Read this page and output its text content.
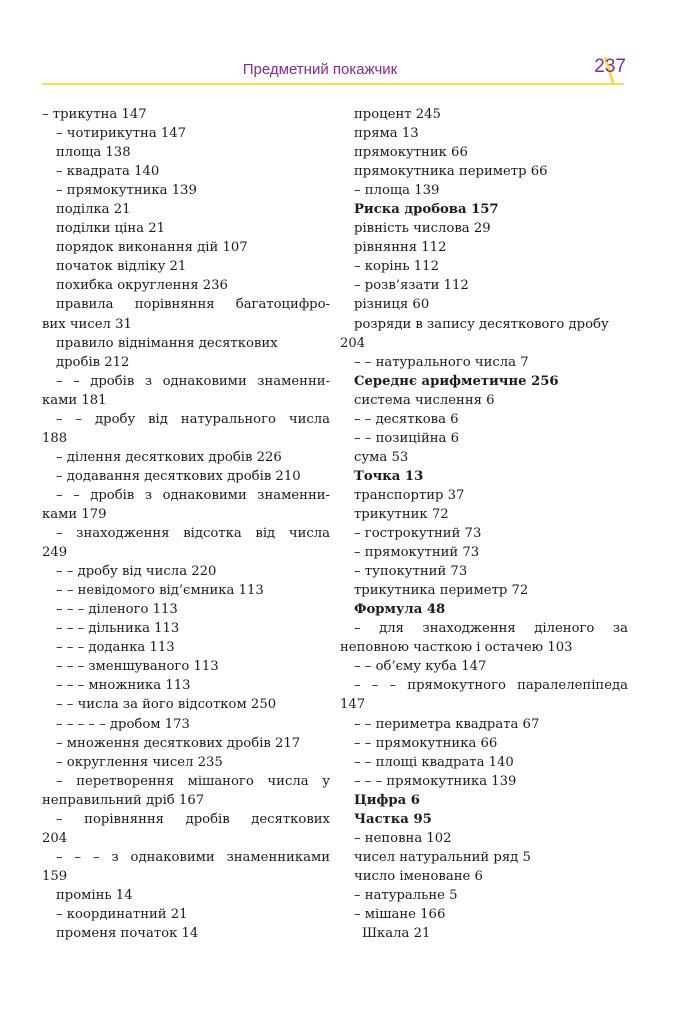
Предметний покажчик	237
– трикутна 147
– чотирикутна 147
площа 138
– квадрата 140
– прямокутника 139
поділка 21
поділки ціна 21
порядок виконання дій 107
початок відліку 21
похибка округлення 236
правила порівняння багатоцифро-
вих чисел 31
правило віднімання десяткових
дробів 212
– – дробів з однаковими знаменни-
ками 181
– – дробу від натурального числа
188
– ділення десяткових дробів 226
– додавання десяткових дробів 210
– – дробів з однаковими знаменни-
ками 179
– знаходження відсотка від числа
249
– – дробу від числа 220
– – невідомого від’ємника 113
– – – діленого 113
– – – дільника 113
– – – доданка 113
– – – зменшуваного 113
– – – множника 113
– – числа за його відсотком 250
– – – – – дробом 173
– множення десяткових дробів 217
– округлення чисел 235
– перетворення мішаного числа у
неправильний дріб 167
– порівняння дробів десяткових
204
– – – з однаковими знаменниками
159
промінь 14
– координатний 21
променя початок 14
процент 245
пряма 13
прямокутник 66
прямокутника периметр 66
– площа 139
Риска дробова 157
рівність числова 29
рівняння 112
– корінь 112
– розв’язати 112
різниця 60
розряди в запису десяткового дробу
204
– – натурального числа 7
Середнє арифметичне 256
система числення 6
– – десяткова 6
– – позиційна 6
сума 53
Точка 13
транспортир 37
трикутник 72
– гострокутний 73
– прямокутний 73
– тупокутний 73
трикутника периметр 72
Формула 48
– для знаходження діленого за
неповною часткою і остачею 103
– – об’єму куба 147
– – – прямокутного паралелепіпеда
147
– – периметра квадрата 67
– – прямокутника 66
– – площі квадрата 140
– – – прямокутника 139
Цифра 6
Частка 95
– неповна 102
чисел натуральний ряд 5
число іменоване 6
– натуральне 5
– мішане 166
Шкала 21
